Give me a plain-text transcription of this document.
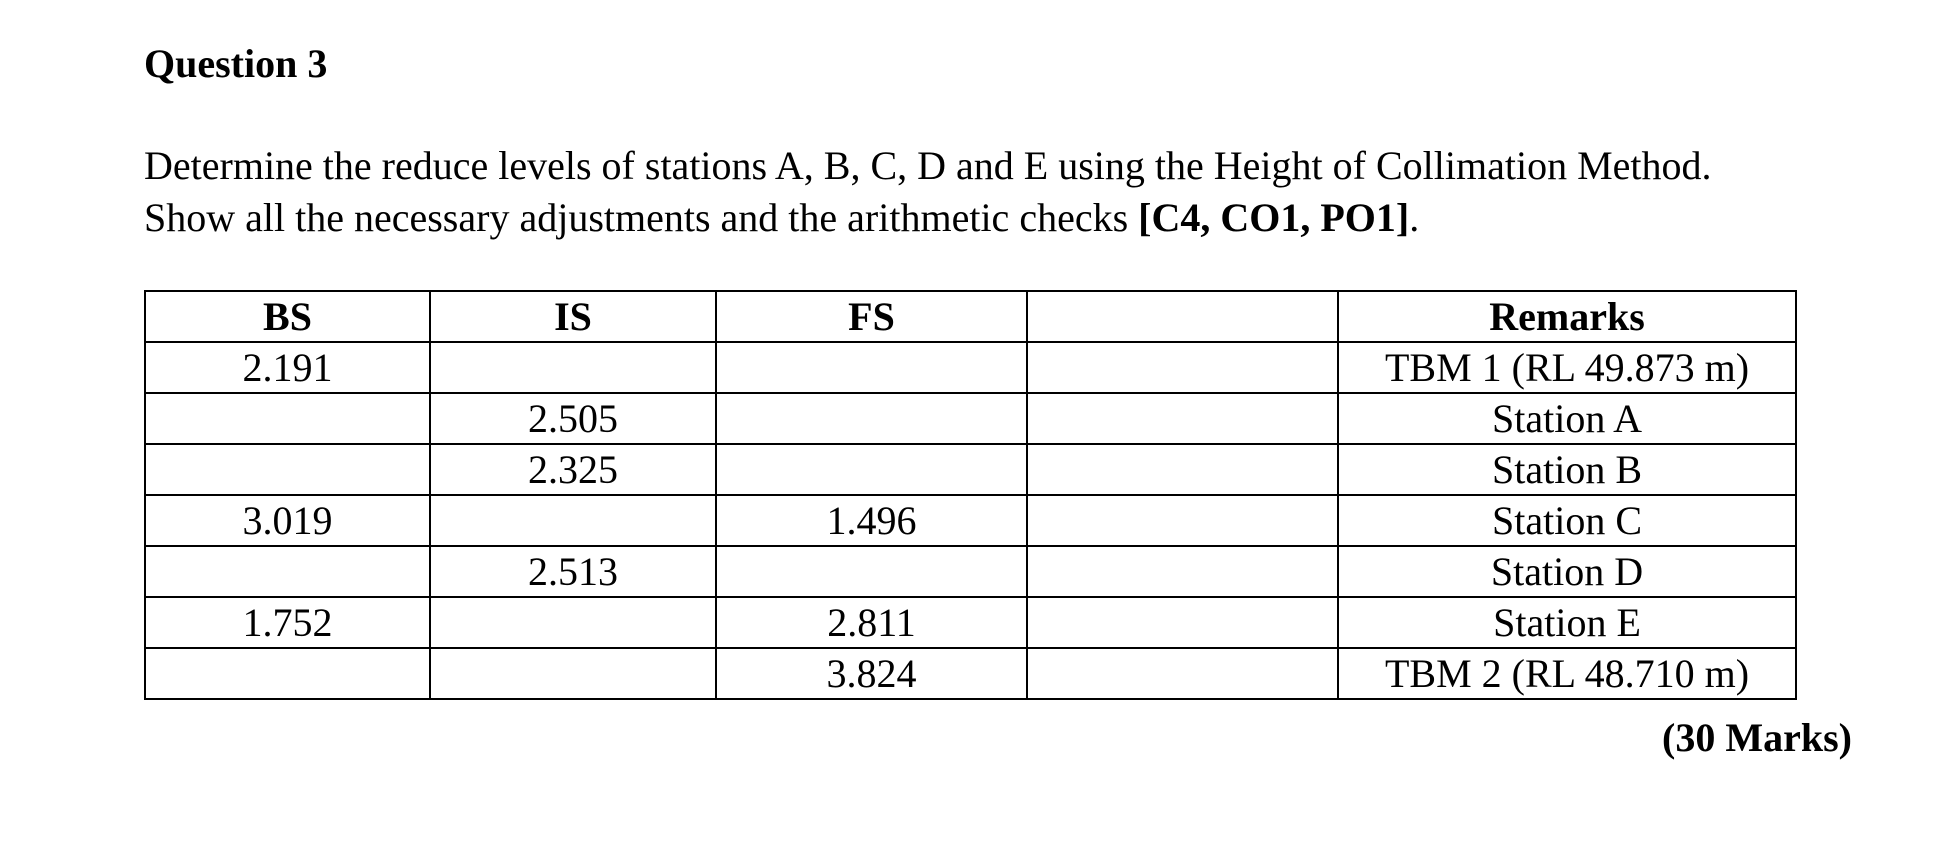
Question 3

Determine the reduce levels of stations A, B, C, D and E using the Height of Collimation Method.
Show all the necessary adjustments and the arithmetic checks [C4, CO1, PO1].

BS	IS	FS		Remarks
2.191				TBM 1 (RL 49.873 m)
	2.505			Station A
	2.325			Station B
3.019		1.496		Station C
	2.513			Station D
1.752		2.811		Station E
		3.824		TBM 2 (RL 48.710 m)

(30 Marks)
